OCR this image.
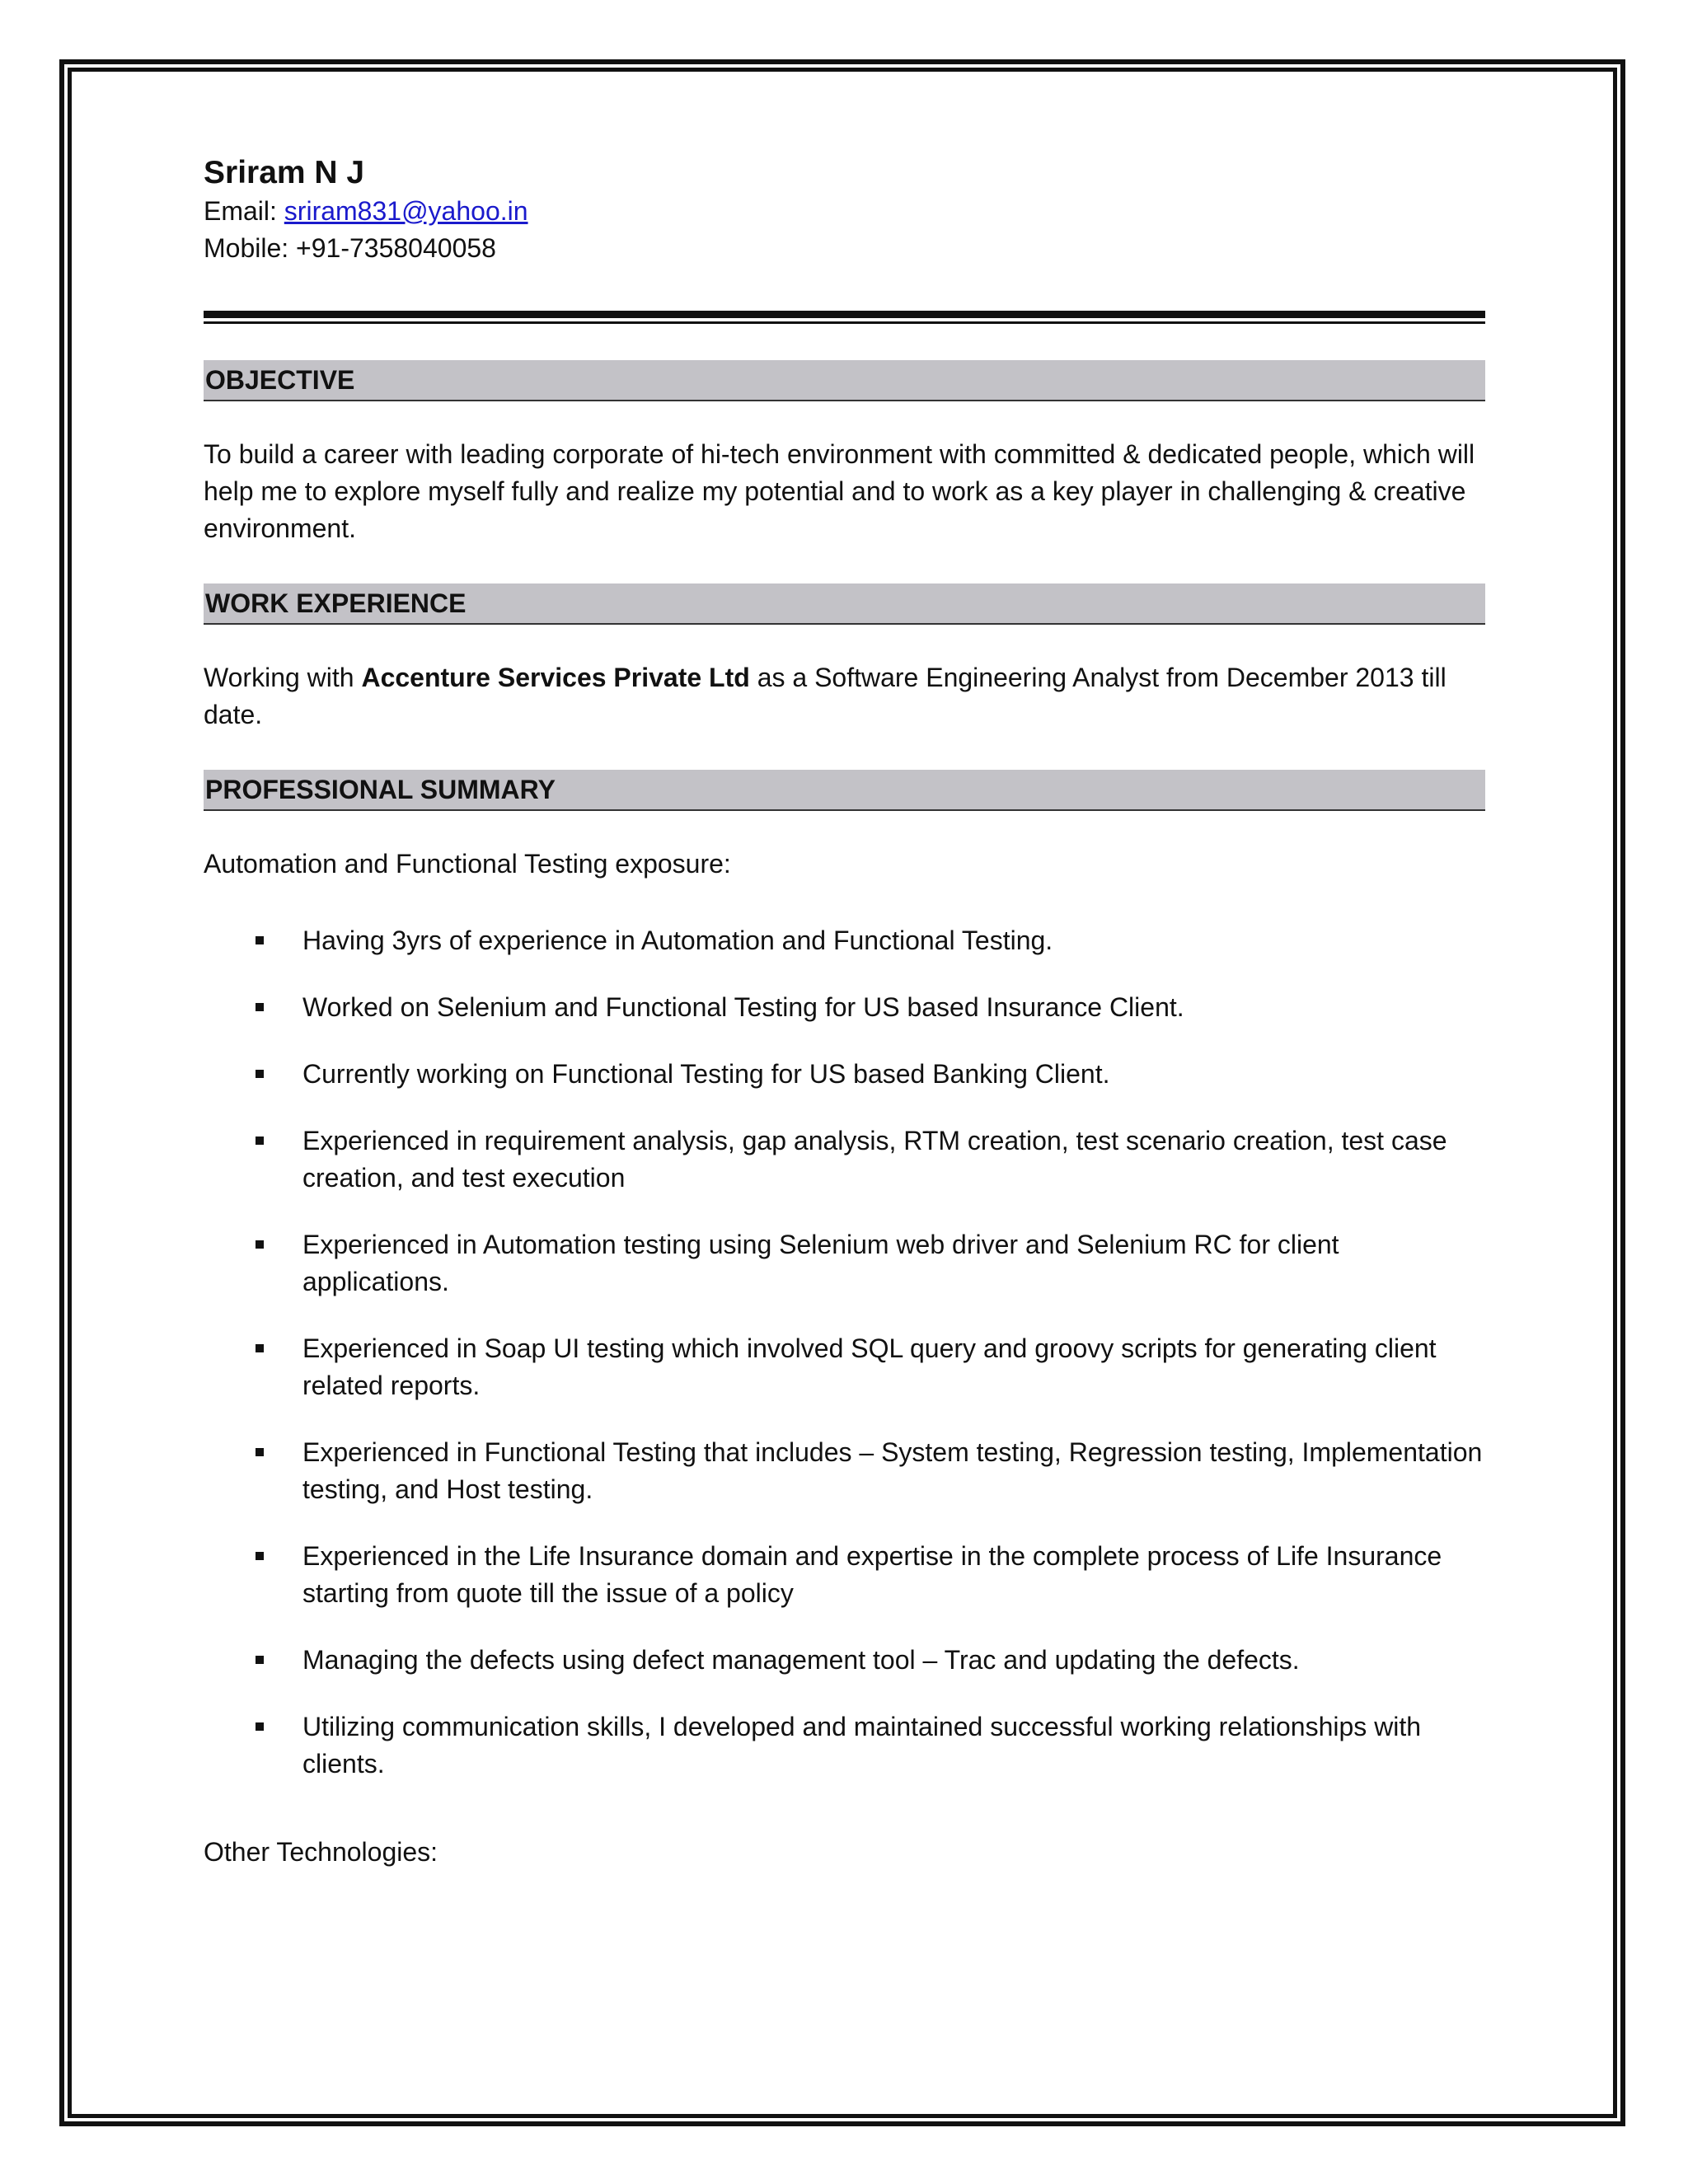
Sriram N J
Email: sriram831@yahoo.in
Mobile: +91-7358040058
OBJECTIVE

To build a career with leading corporate of hi-tech environment with committed & dedicated people, which will help me to explore myself fully and realize my potential and to work as a key player in challenging & creative environment.

WORK EXPERIENCE

Working with Accenture Services Private Ltd as a Software Engineering Analyst from December 2013 till date.

PROFESSIONAL SUMMARY

Automation and Functional Testing exposure:

Having 3yrs of experience in Automation and Functional Testing.
Worked on Selenium and Functional Testing for US based Insurance Client.
Currently working on Functional Testing for US based Banking Client.
Experienced in requirement analysis, gap analysis, RTM creation, test scenario creation, test case creation, and test execution
Experienced in Automation testing using Selenium web driver and Selenium RC for client applications.
Experienced in Soap UI testing which involved SQL query and groovy scripts for generating client related reports.
Experienced in Functional Testing that includes – System testing, Regression testing, Implementation testing, and Host testing.
Experienced in the Life Insurance domain and expertise in the complete process of Life Insurance starting from quote till the issue of a policy
Managing the defects using defect management tool – Trac and updating the defects.
Utilizing communication skills, I developed and maintained successful working relationships with clients.

Other Technologies:
